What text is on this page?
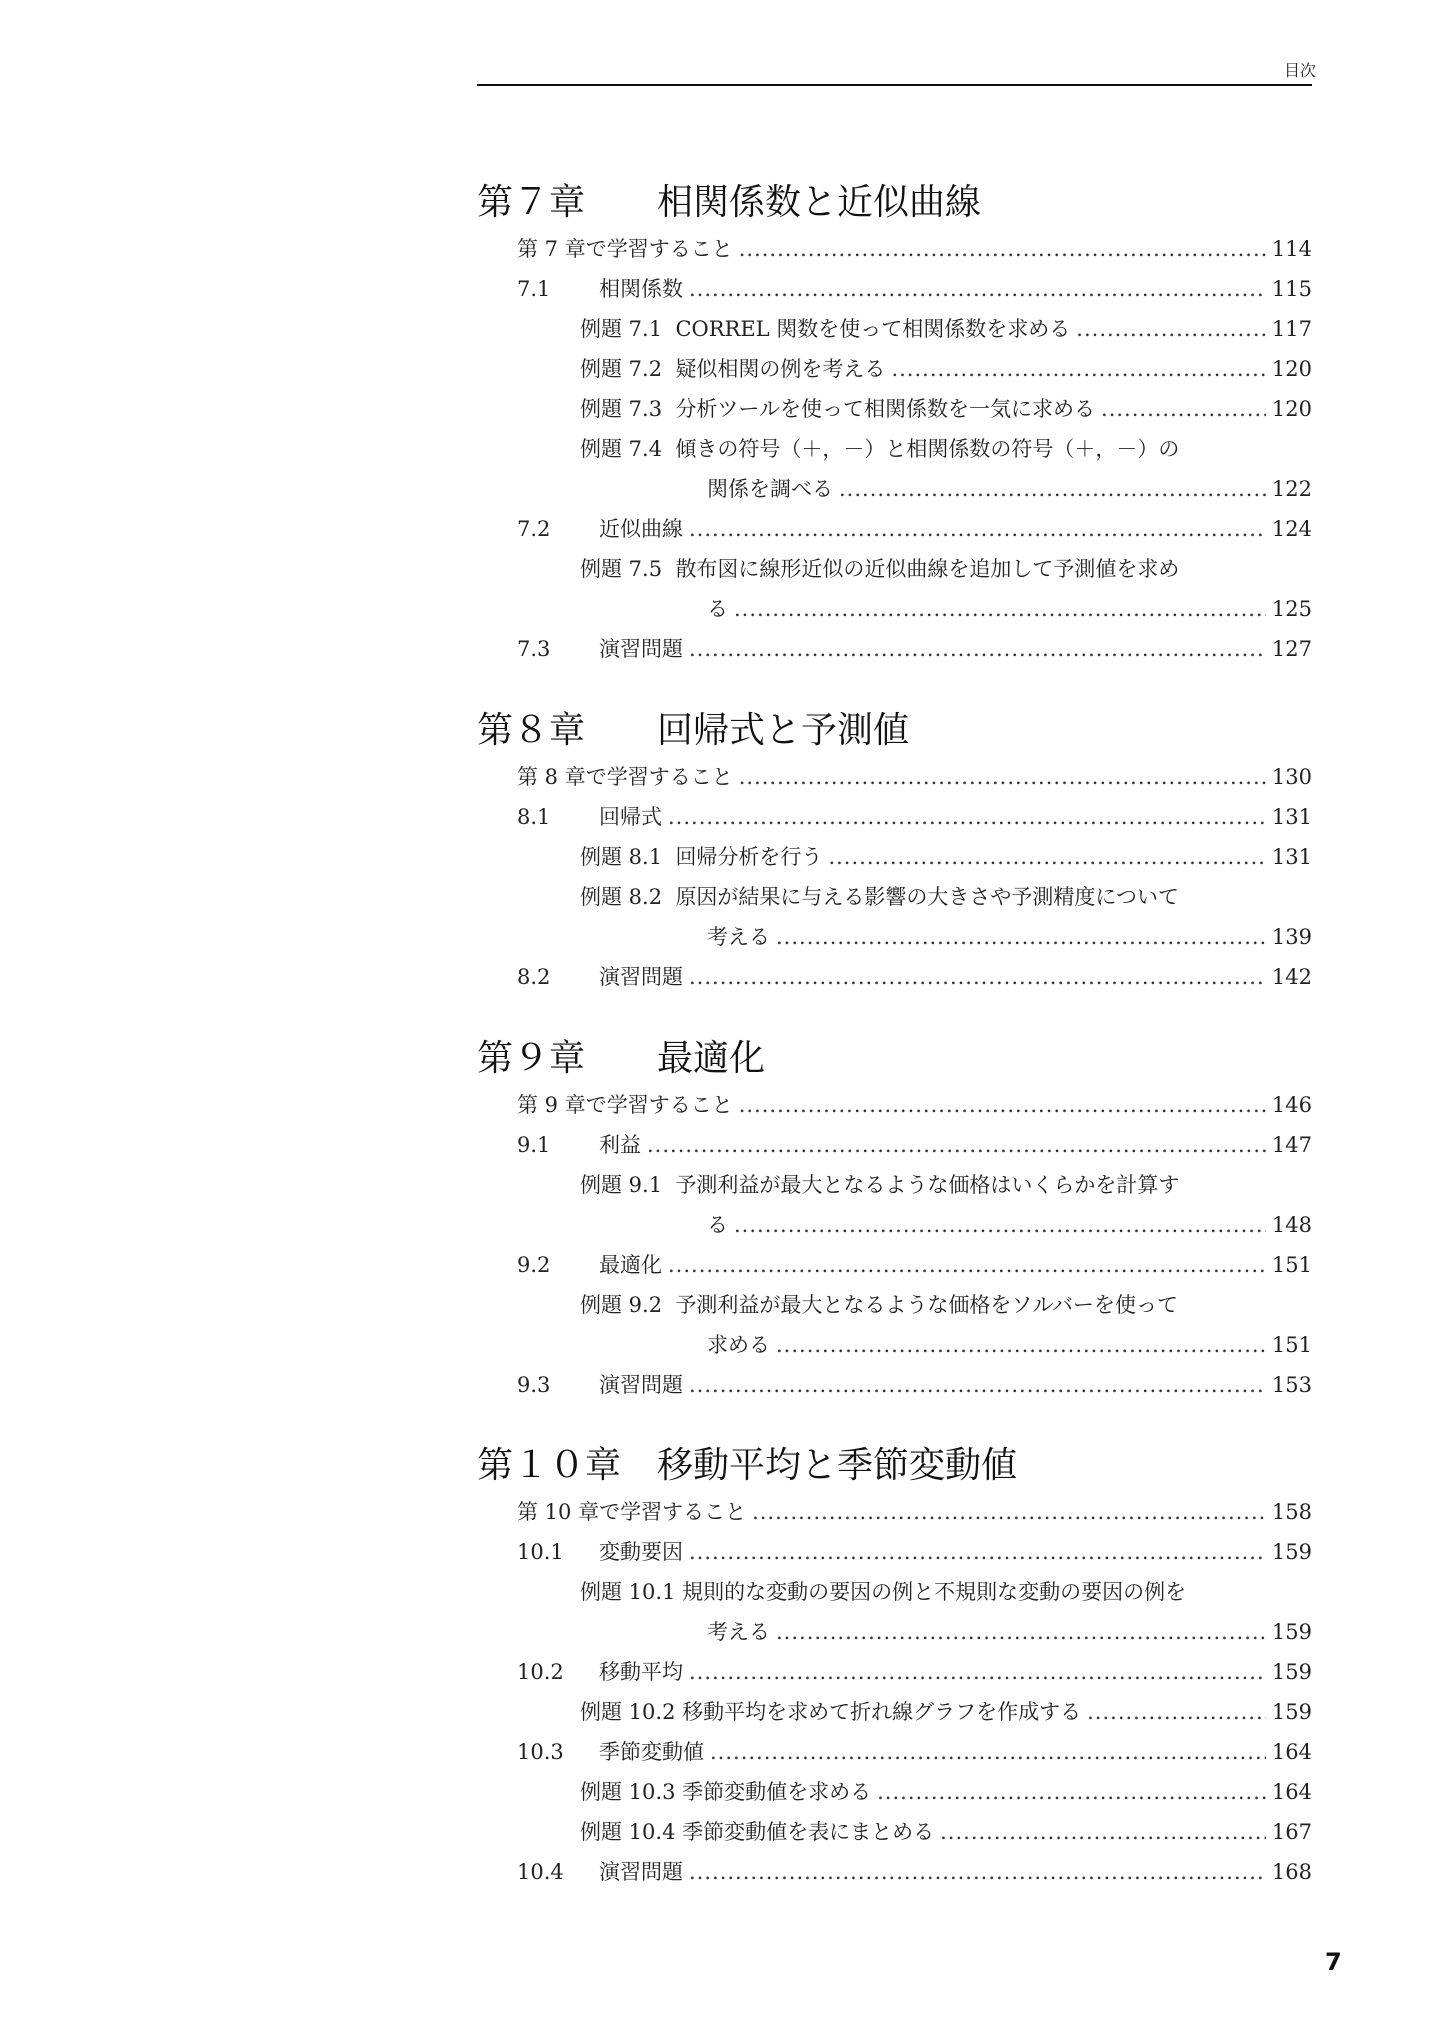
目次
第７章 相関係数と近似曲線
第 7 章で学習すること .....	114
7.1 相関係数 .....	115
例題 7.1 CORREL 関数を使って相関係数を求める .....	117
例題 7.2 疑似相関の例を考える .....	120
例題 7.3 分析ツールを使って相関係数を一気に求める .....	120
例題 7.4 傾きの符号（＋，－）と相関係数の符号（＋，－）の
関係を調べる .....	122
7.2 近似曲線 .....	124
例題 7.5 散布図に線形近似の近似曲線を追加して予測値を求め
る .....	125
7.3 演習問題 .....	127
第８章 回帰式と予測値
第 8 章で学習すること .....	130
8.1 回帰式 .....	131
例題 8.1 回帰分析を行う .....	131
例題 8.2 原因が結果に与える影響の大きさや予測精度について
考える .....	139
8.2 演習問題 .....	142
第９章 最適化
第 9 章で学習すること .....	146
9.1 利益 .....	147
例題 9.1 予測利益が最大となるような価格はいくらかを計算す
る .....	148
9.2 最適化 .....	151
例題 9.2 予測利益が最大となるような価格をソルバーを使って
求める .....	151
9.3 演習問題 .....	153
第１０章 移動平均と季節変動値
第 10 章で学習すること .....	158
10.1 変動要因 .....	159
例題 10.1 規則的な変動の要因の例と不規則な変動の要因の例を
考える .....	159
10.2 移動平均 .....	159
例題 10.2 移動平均を求めて折れ線グラフを作成する .....	159
10.3 季節変動値 .....	164
例題 10.3 季節変動値を求める .....	164
例題 10.4 季節変動値を表にまとめる .....	167
10.4 演習問題 .....	168
7
